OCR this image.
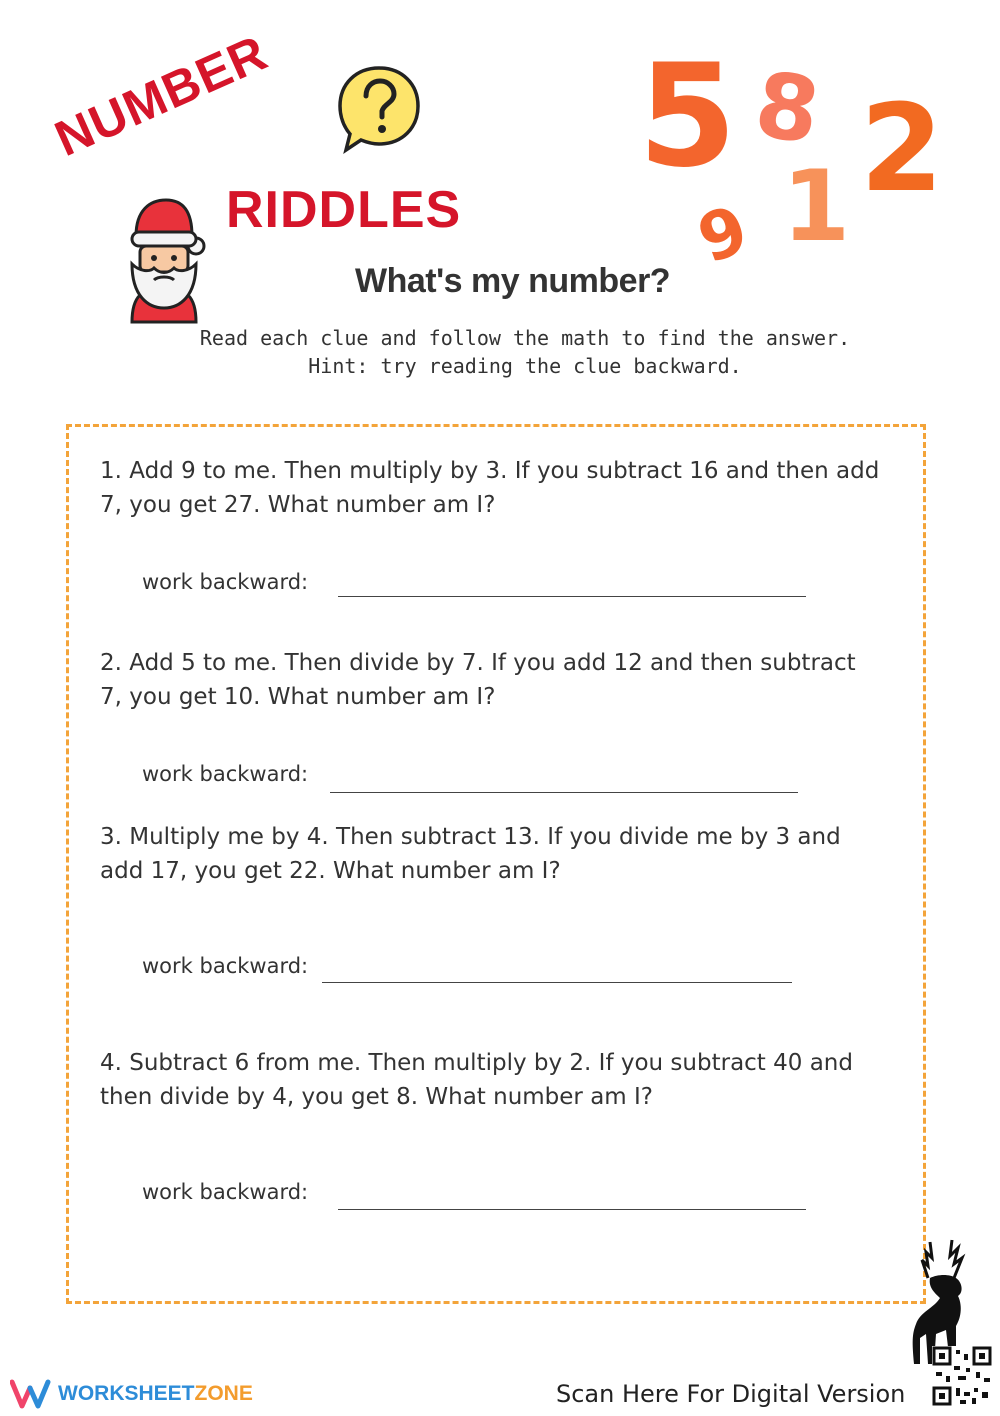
NUMBER
RIDDLES
5 8 2
9 1
What's my number?
Read each clue and follow the math to find the answer.
Hint: try reading the clue backward.
1. Add 9 to me. Then multiply by 3. If you subtract 16 and then add 7, you get 27. What number am I?
work backward:
2. Add 5 to me. Then divide by 7. If you add 12 and then subtract 7, you get 10. What number am I?
work backward:
3. Multiply me by 4. Then subtract 13. If you divide me by 3 and add 17, you get 22. What number am I?
work backward:
4. Subtract 6 from me. Then multiply by 2. If you subtract 40 and then divide by 4, you get 8. What number am I?
work backward:
WORKSHEETZONE	Scan Here For Digital Version
